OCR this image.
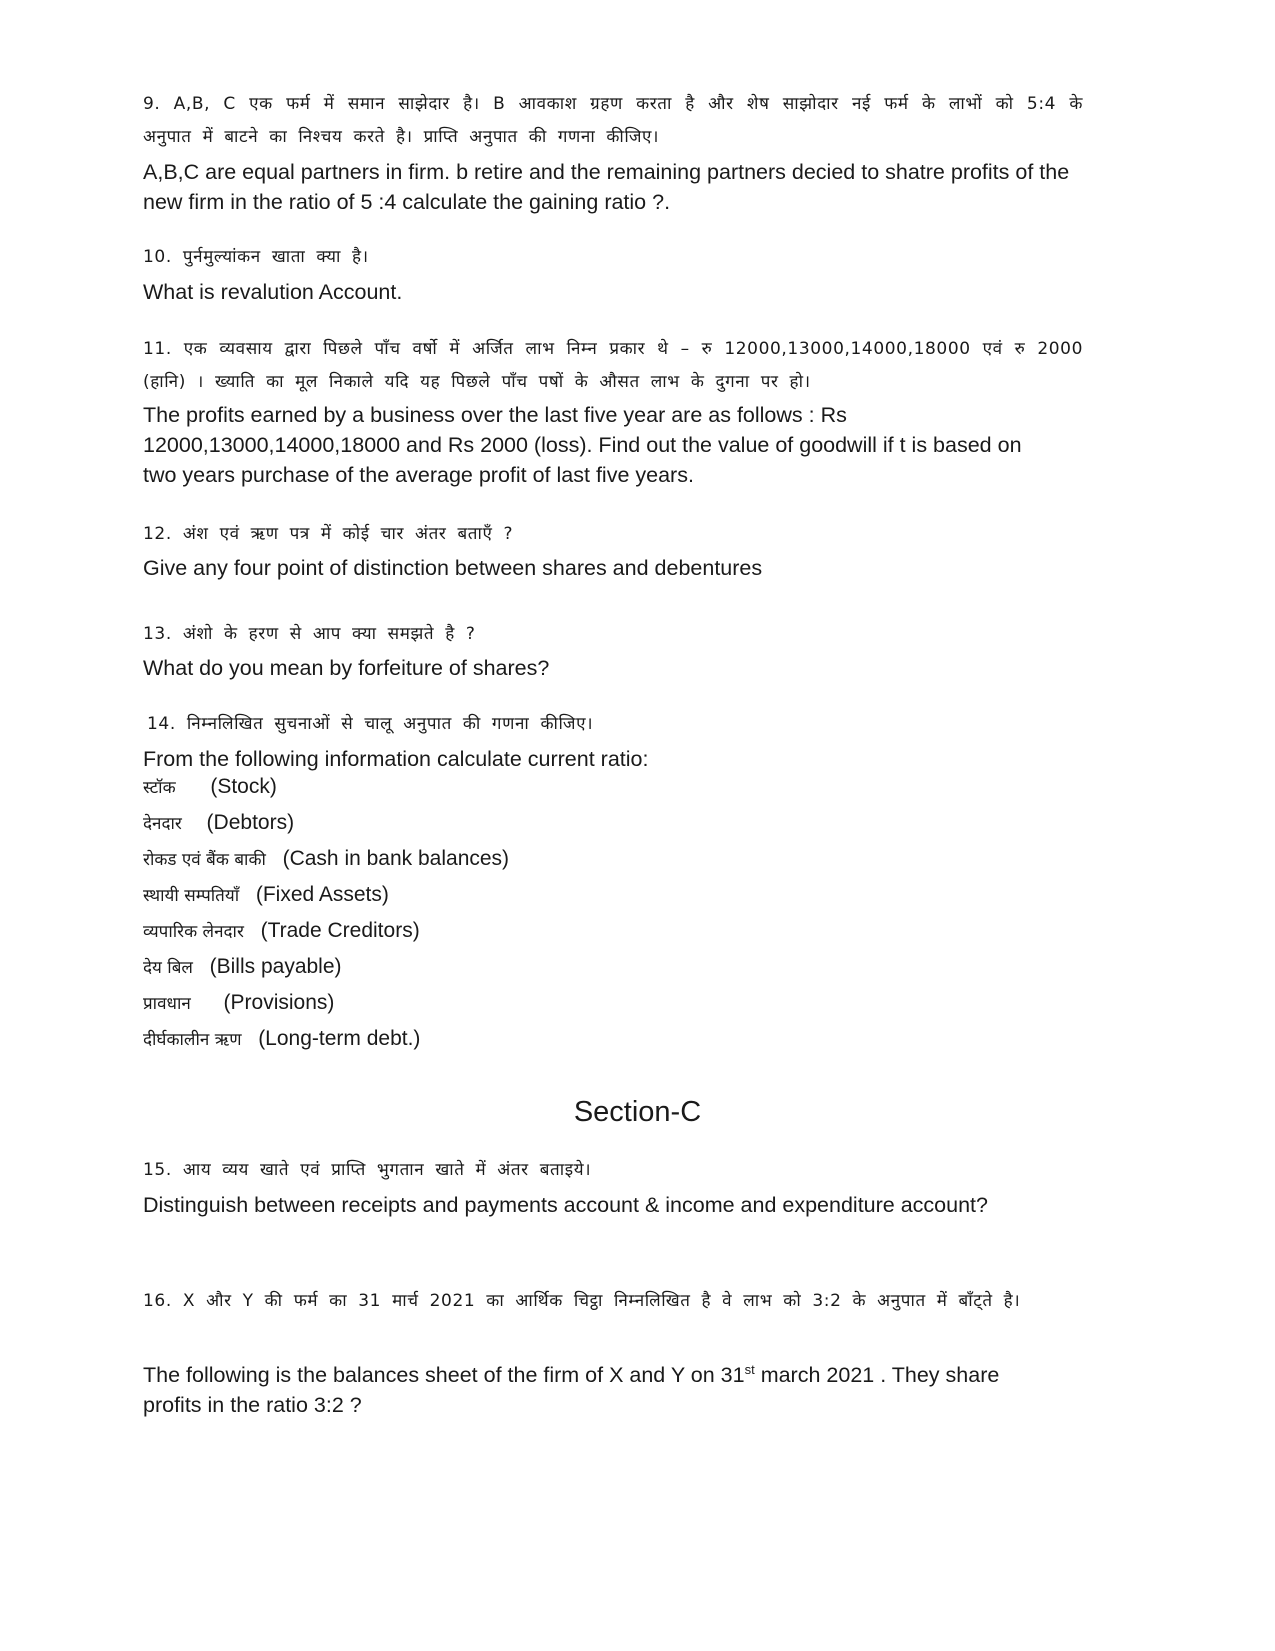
9. A,B, C एक फर्म में समान साझेदार है। B आवकाश ग्रहण करता है और शेष साझोदार नई फर्म के लाभों को 5:4 के अनुपात में बाटने का निश्चय करते है। प्राप्ति अनुपात की गणना कीजिए।
A,B,C are equal partners in firm. b retire and the remaining partners decied to shatre profits of the new firm in the ratio of 5 :4 calculate the gaining ratio ?.
10. पुर्नमुल्यांकन खाता क्या है।
What is revalution Account.
11. एक व्यवसाय द्वारा पिछले पाँच वर्षो में अर्जित लाभ निम्न प्रकार थे – रु 12000,13000,14000,18000 एवं रु 2000 (हानि) । ख्याति का मूल निकाले यदि यह पिछले पाँच पषों के औसत लाभ के दुगना पर हो।
The profits earned by a business over the last five year are as follows : Rs 12000,13000,14000,18000 and Rs 2000 (loss). Find out the value of goodwill if t is based on two years purchase of the average profit of last five years.
12. अंश एवं ऋण पत्र में कोई चार अंतर बताएँ ?
Give any four point of distinction between shares and debentures
13. अंशो के हरण से आप क्या समझते है ?
What do you mean by forfeiture of shares?
14. निम्नलिखित सुचनाओं से चालू अनुपात की गणना कीजिए।
From the following information calculate current ratio:
स्टॉक (Stock)
देनदार (Debtors)
रोकड एवं बैंक बाकी (Cash in bank balances)
स्थायी सम्पतियाँ (Fixed Assets)
व्यपारिक लेनदार (Trade Creditors)
देय बिल (Bills payable)
प्रावधान (Provisions)
दीर्घकालीन ऋण (Long-term debt.)
Section-C
15. आय व्यय खाते एवं प्राप्ति भुगतान खाते में अंतर बताइये।
Distinguish between receipts and payments account & income and expenditure account?
16. X और Y की फर्म का 31 मार्च 2021 का आर्थिक चिट्ठा निम्नलिखित है वे लाभ को 3:2 के अनुपात में बाँट्ते है।
The following is the balances sheet of the firm of X and Y on 31st march 2021 . They share profits in the ratio 3:2 ?
